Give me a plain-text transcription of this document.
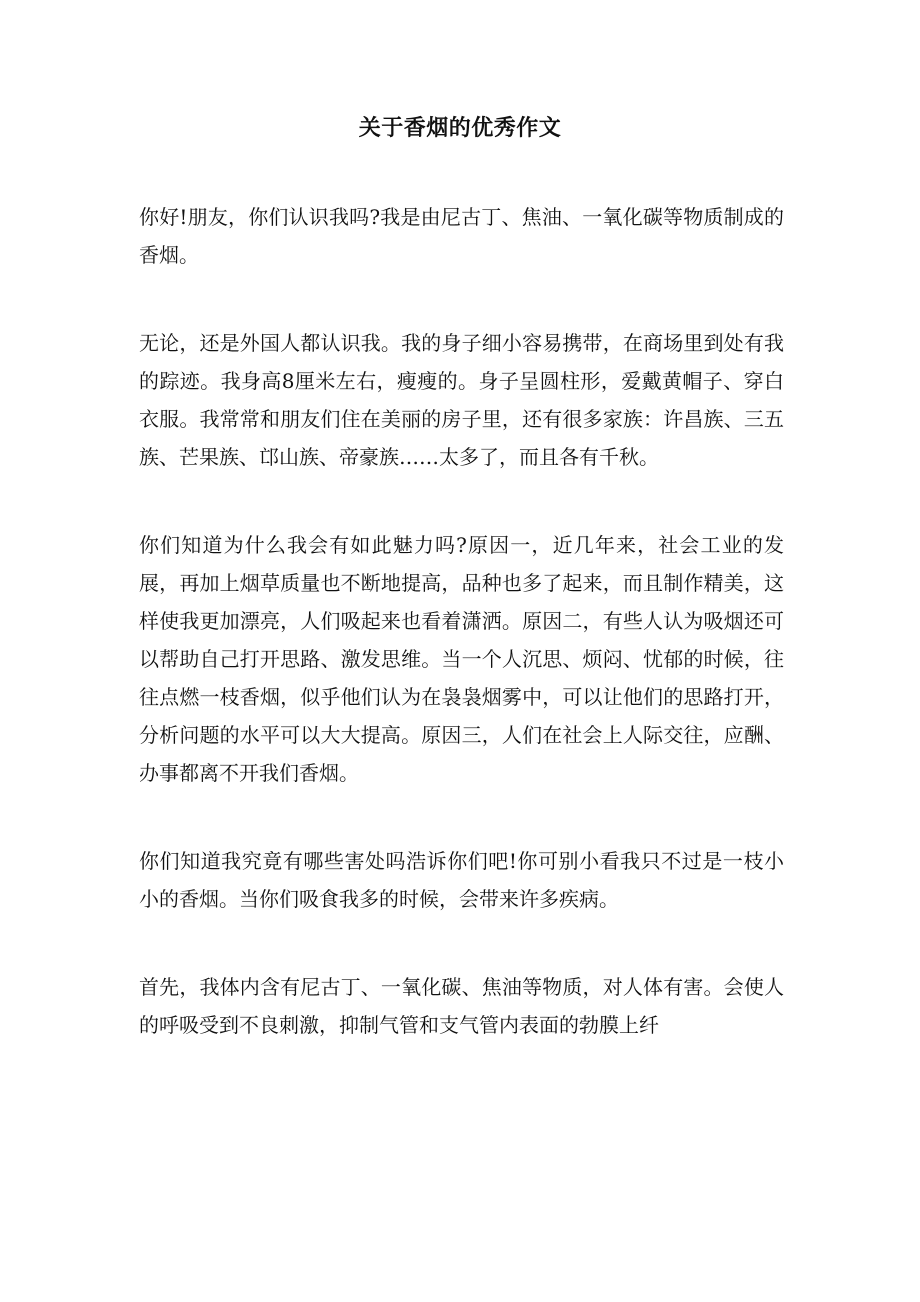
关于香烟的优秀作文

你好!朋友，你们认识我吗?我是由尼古丁、焦油、一氧化碳等物质制成的香烟。

无论，还是外国人都认识我。我的身子细小容易携带，在商场里到处有我的踪迹。我身高8厘米左右，瘦瘦的。身子呈圆柱形，爱戴黄帽子、穿白衣服。我常常和朋友们住在美丽的房子里，还有很多家族：许昌族、三五族、芒果族、邙山族、帝豪族……太多了，而且各有千秋。

你们知道为什么我会有如此魅力吗?原因一，近几年来，社会工业的发展，再加上烟草质量也不断地提高，品种也多了起来，而且制作精美，这样使我更加漂亮，人们吸起来也看着潇洒。原因二，有些人认为吸烟还可以帮助自己打开思路、激发思维。当一个人沉思、烦闷、忧郁的时候，往往点燃一枝香烟，似乎他们认为在袅袅烟雾中，可以让他们的思路打开，分析问题的水平可以大大提高。原因三，人们在社会上人际交往，应酬、办事都离不开我们香烟。

你们知道我究竟有哪些害处吗浩诉你们吧!你可别小看我只不过是一枝小小的香烟。当你们吸食我多的时候，会带来许多疾病。

首先，我体内含有尼古丁、一氧化碳、焦油等物质，对人体有害。会使人的呼吸受到不良刺激，抑制气管和支气管内表面的勃膜上纤
